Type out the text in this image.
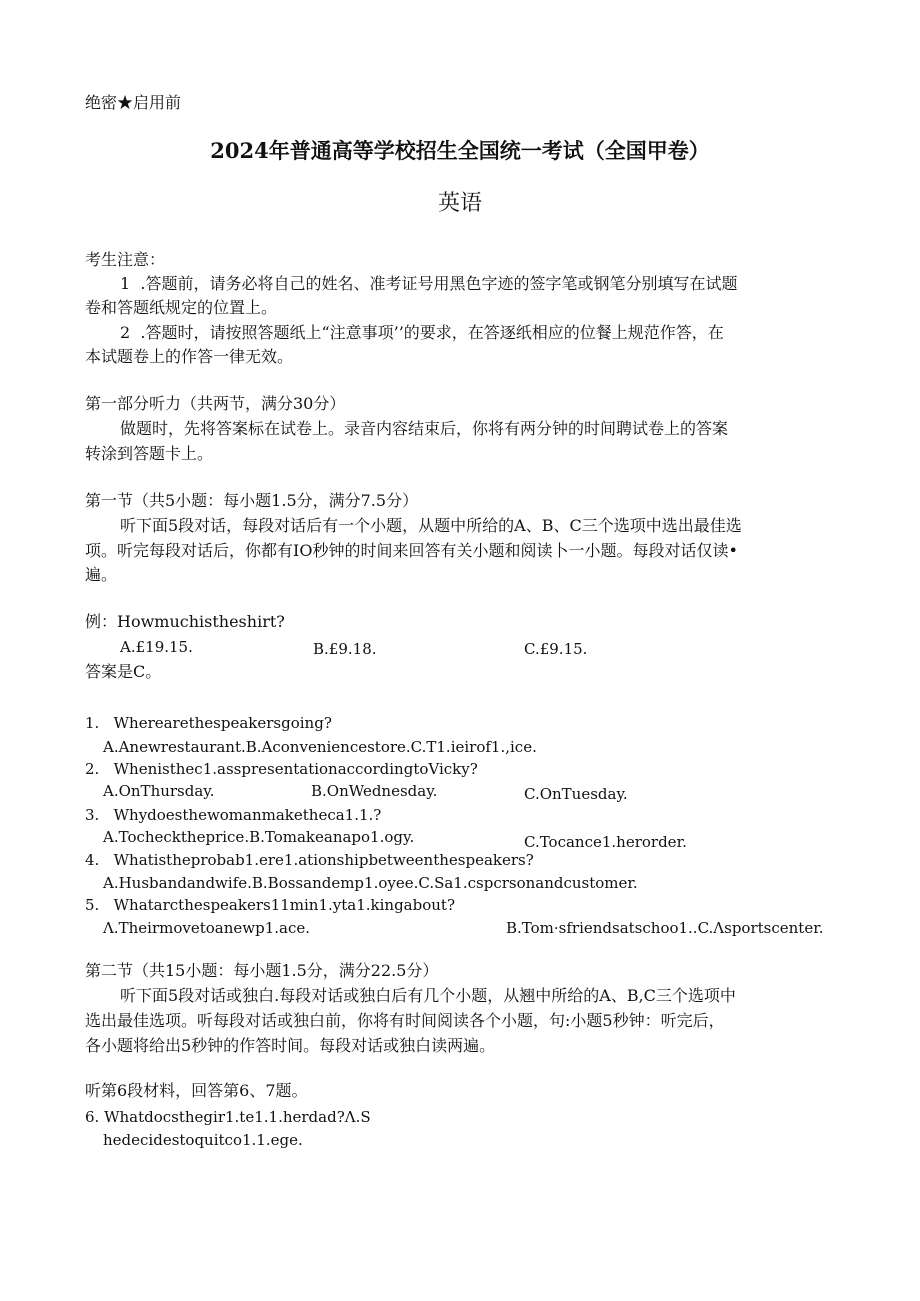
绝密★启用前
2024年普通高等学校招生全国统一考试（全国甲卷）
英语
考生注意：
1  .答题前，请务必将自己的姓名、准考证号用黑色字迹的签字笔或钢笔分别填写在试题
卷和答题纸规定的位置上。
2  .答题时，请按照答题纸上“注意事项’’的要求，在答逐纸相应的位餐上规范作答，在
本试题卷上的作答一律无效。
第一部分听力（共两节，满分30分）
做题时，先将答案标在试卷上。录音内容结束后，你将有两分钟的时间聘试卷上的答案
转涂到答题卡上。
第一节（共5小题：每小题1.5分，满分7.5分）
听下面5段对话，每段对话后有一个小题，从题中所给的A、B、C三个选项中选出最佳选
项。听完每段对话后，你都有IO秒钟的时间来回答有关小题和阅读卜一小题。每段对话仅读•
遍。
例：Howmuchistheshirt?
A.£19.15.	B.£9.18.	C.£9.15.
答案是C。
1.   Wherearethespeakersgoing?
A.Anewrestaurant.B.Aconveniencestore.C.T1.ieirof1.,ice.
2.   Whenisthec1.asspresentationaccordingtoVicky?
A.OnThursday.	B.OnWednesday.	C.OnTuesday.
3.   Whydoesthewomanmaketheca1.1.?
A.Tochecktheprice.B.Tomakeanapo1.ogy.	C.Tocance1.herorder.
4.   Whatistheprobab1.ere1.ationshipbetweenthespeakers?
A.Husbandandwife.B.Bossandemp1.oyee.C.Sa1.cspcrsonandcustomer.
5.   Whatarcthespeakers11min1.yta1.kingabout?
Λ.Theirmovetoanewp1.ace.	B.Tom·sfriendsatschoo1..C.Λsportscenter.
第二节（共15小题：每小题1.5分，满分22.5分）
听下面5段对话或独白.每段对话或独白后有几个小题，从翘中所给的A、B,C三个选项中
选出最佳选项。听每段对话或独白前，你将有时间阅读各个小题，句:小题5秒钟：听完后，
各小题将给出5秒钟的作答时间。每段对话或独白读两遍。
听第6段材料，回答第6、7题。
6. Whatdocsthegir1.te1.1.herdad?Λ.S
hedecidestoquitco1.1.ege.
